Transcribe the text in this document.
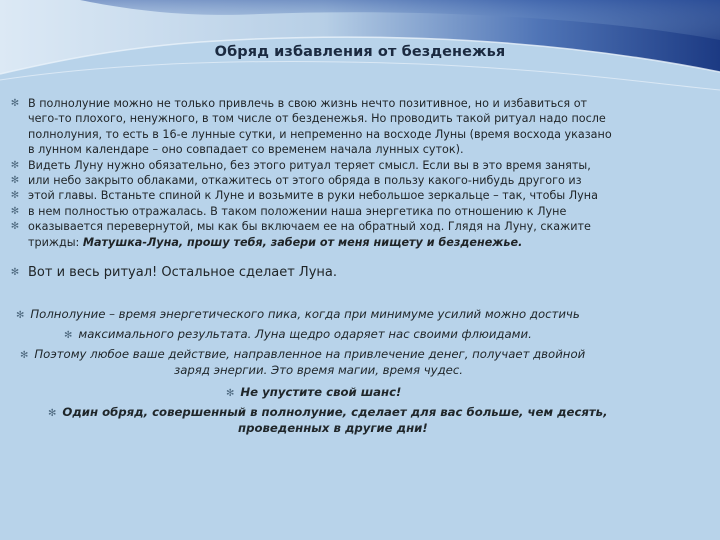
Обряд избавления от безденежья
✻ В полнолуние можно не только привлечь в свою жизнь нечто позитивное, но и избавиться от
чего-то плохого, ненужного, в том числе от безденежья. Но проводить такой ритуал надо после
полнолуния, то есть в 16-е лунные сутки, и непременно на восходе Луны (время восхода указано
в лунном календаре – оно совпадает со временем начала лунных суток).
✻ Видеть Луну нужно обязательно, без этого ритуал теряет смысл. Если вы в это время заняты,
✻ или небо закрыто облаками, откажитесь от этого обряда в пользу какого-нибудь другого из
✻ этой главы. Встаньте спиной к Луне и возьмите в руки небольшое зеркальце – так, чтобы Луна
✻ в нем полностью отражалась. В таком положении наша энергетика по отношению к Луне
✻ оказывается перевернутой, мы как бы включаем ее на обратный ход. Глядя на Луну, скажите
трижды: Матушка-Луна, прошу тебя, забери от меня нищету и безденежье.
✻ Вот и весь ритуал! Остальное сделает Луна.
✻ Полнолуние – время энергетического пика, когда при минимуме усилий можно достичь
✻ максимального результата. Луна щедро одаряет нас своими флюидами.
✻ Поэтому любое ваше действие, направленное на привлечение денег, получает двойной
заряд энергии. Это время магии, время чудес.
✻ Не упустите свой шанс!
✻ Один обряд, совершенный в полнолуние, сделает для вас больше, чем десять,
проведенных в другие дни!
